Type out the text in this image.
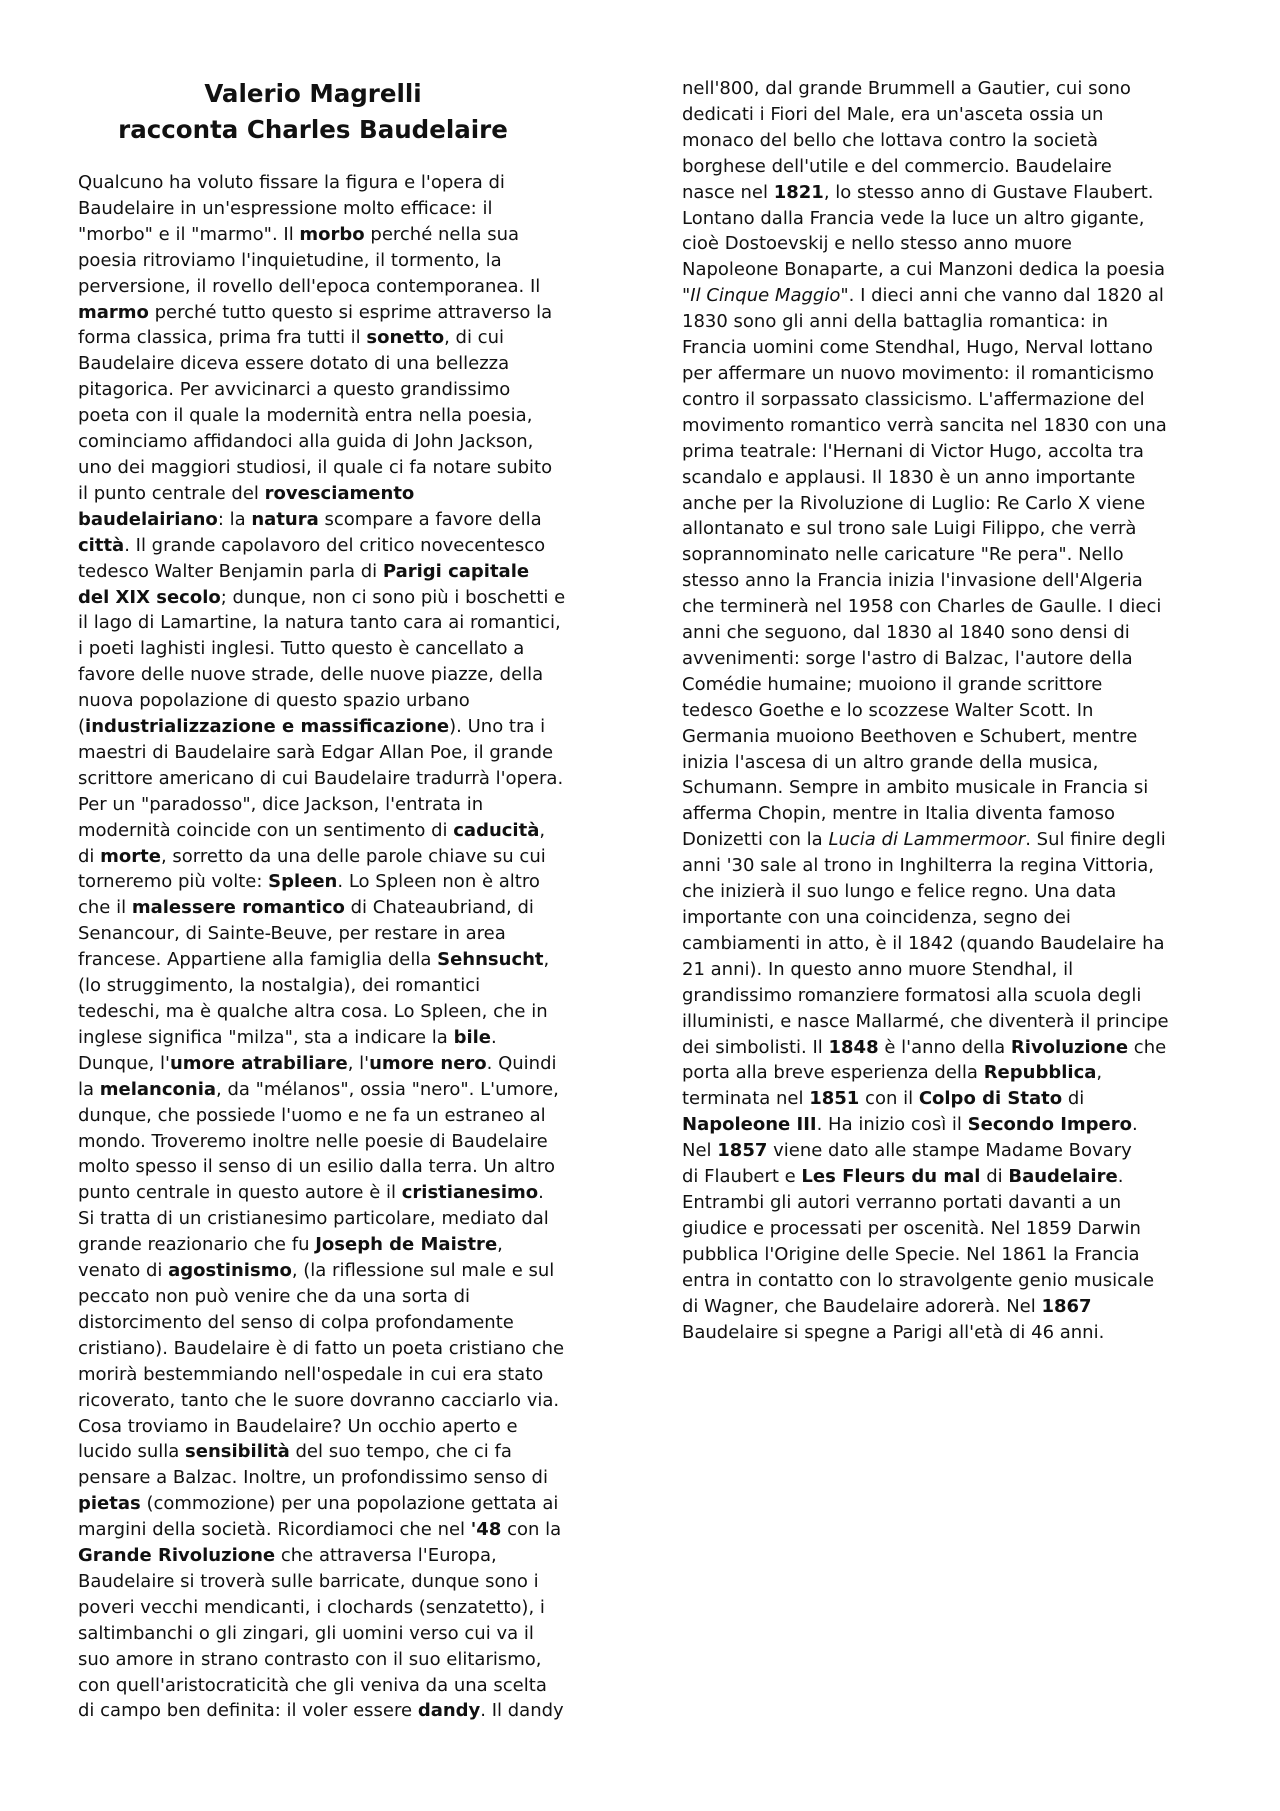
Valerio Magrelli
racconta Charles Baudelaire
Qualcuno ha voluto fissare la figura e l'opera di
Baudelaire in un'espressione molto efficace: il
"morbo" e il "marmo". Il morbo perché nella sua
poesia ritroviamo l'inquietudine, il tormento, la
perversione, il rovello dell'epoca contemporanea. Il
marmo perché tutto questo si esprime attraverso la
forma classica, prima fra tutti il sonetto, di cui
Baudelaire diceva essere dotato di una bellezza
pitagorica. Per avvicinarci a questo grandissimo
poeta con il quale la modernità entra nella poesia,
cominciamo affidandoci alla guida di John Jackson,
uno dei maggiori studiosi, il quale ci fa notare subito
il punto centrale del rovesciamento
baudelairiano: la natura scompare a favore della
città. Il grande capolavoro del critico novecentesco
tedesco Walter Benjamin parla di Parigi capitale
del XIX secolo; dunque, non ci sono più i boschetti e
il lago di Lamartine, la natura tanto cara ai romantici,
i poeti laghisti inglesi. Tutto questo è cancellato a
favore delle nuove strade, delle nuove piazze, della
nuova popolazione di questo spazio urbano
(industrializzazione e massificazione). Uno tra i
maestri di Baudelaire sarà Edgar Allan Poe, il grande
scrittore americano di cui Baudelaire tradurrà l'opera.
Per un "paradosso", dice Jackson, l'entrata in
modernità coincide con un sentimento di caducità,
di morte, sorretto da una delle parole chiave su cui
torneremo più volte: Spleen. Lo Spleen non è altro
che il malessere romantico di Chateaubriand, di
Senancour, di Sainte-Beuve, per restare in area
francese. Appartiene alla famiglia della Sehnsucht,
(lo struggimento, la nostalgia), dei romantici
tedeschi, ma è qualche altra cosa. Lo Spleen, che in
inglese significa "milza", sta a indicare la bile.
Dunque, l'umore atrabiliare, l'umore nero. Quindi
la melanconia, da "mélanos", ossia "nero". L'umore,
dunque, che possiede l'uomo e ne fa un estraneo al
mondo. Troveremo inoltre nelle poesie di Baudelaire
molto spesso il senso di un esilio dalla terra. Un altro
punto centrale in questo autore è il cristianesimo.
Si tratta di un cristianesimo particolare, mediato dal
grande reazionario che fu Joseph de Maistre,
venato di agostinismo, (la riflessione sul male e sul
peccato non può venire che da una sorta di
distorcimento del senso di colpa profondamente
cristiano). Baudelaire è di fatto un poeta cristiano che
morirà bestemmiando nell'ospedale in cui era stato
ricoverato, tanto che le suore dovranno cacciarlo via.
Cosa troviamo in Baudelaire? Un occhio aperto e
lucido sulla sensibilità del suo tempo, che ci fa
pensare a Balzac. Inoltre, un profondissimo senso di
pietas (commozione) per una popolazione gettata ai
margini della società. Ricordiamoci che nel '48 con la
Grande Rivoluzione che attraversa l'Europa,
Baudelaire si troverà sulle barricate, dunque sono i
poveri vecchi mendicanti, i clochards (senzatetto), i
saltimbanchi o gli zingari, gli uomini verso cui va il
suo amore in strano contrasto con il suo elitarismo,
con quell'aristocraticità che gli veniva da una scelta
di campo ben definita: il voler essere dandy. Il dandy
nell'800, dal grande Brummell a Gautier, cui sono
dedicati i Fiori del Male, era un'asceta ossia un
monaco del bello che lottava contro la società
borghese dell'utile e del commercio. Baudelaire
nasce nel 1821, lo stesso anno di Gustave Flaubert.
Lontano dalla Francia vede la luce un altro gigante,
cioè Dostoevskij e nello stesso anno muore
Napoleone Bonaparte, a cui Manzoni dedica la poesia
"Il Cinque Maggio". I dieci anni che vanno dal 1820 al
1830 sono gli anni della battaglia romantica: in
Francia uomini come Stendhal, Hugo, Nerval lottano
per affermare un nuovo movimento: il romanticismo
contro il sorpassato classicismo. L'affermazione del
movimento romantico verrà sancita nel 1830 con una
prima teatrale: l'Hernani di Victor Hugo, accolta tra
scandalo e applausi. Il 1830 è un anno importante
anche per la Rivoluzione di Luglio: Re Carlo X viene
allontanato e sul trono sale Luigi Filippo, che verrà
soprannominato nelle caricature "Re pera". Nello
stesso anno la Francia inizia l'invasione dell'Algeria
che terminerà nel 1958 con Charles de Gaulle. I dieci
anni che seguono, dal 1830 al 1840 sono densi di
avvenimenti: sorge l'astro di Balzac, l'autore della
Comédie humaine; muoiono il grande scrittore
tedesco Goethe e lo scozzese Walter Scott. In
Germania muoiono Beethoven e Schubert, mentre
inizia l'ascesa di un altro grande della musica,
Schumann. Sempre in ambito musicale in Francia si
afferma Chopin, mentre in Italia diventa famoso
Donizetti con la Lucia di Lammermoor. Sul finire degli
anni '30 sale al trono in Inghilterra la regina Vittoria,
che inizierà il suo lungo e felice regno. Una data
importante con una coincidenza, segno dei
cambiamenti in atto, è il 1842 (quando Baudelaire ha
21 anni). In questo anno muore Stendhal, il
grandissimo romanziere formatosi alla scuola degli
illuministi, e nasce Mallarmé, che diventerà il principe
dei simbolisti. Il 1848 è l'anno della Rivoluzione che
porta alla breve esperienza della Repubblica,
terminata nel 1851 con il Colpo di Stato di
Napoleone III. Ha inizio così il Secondo Impero.
Nel 1857 viene dato alle stampe Madame Bovary
di Flaubert e Les Fleurs du mal di Baudelaire.
Entrambi gli autori verranno portati davanti a un
giudice e processati per oscenità. Nel 1859 Darwin
pubblica l'Origine delle Specie. Nel 1861 la Francia
entra in contatto con lo stravolgente genio musicale
di Wagner, che Baudelaire adorerà. Nel 1867
Baudelaire si spegne a Parigi all'età di 46 anni.
